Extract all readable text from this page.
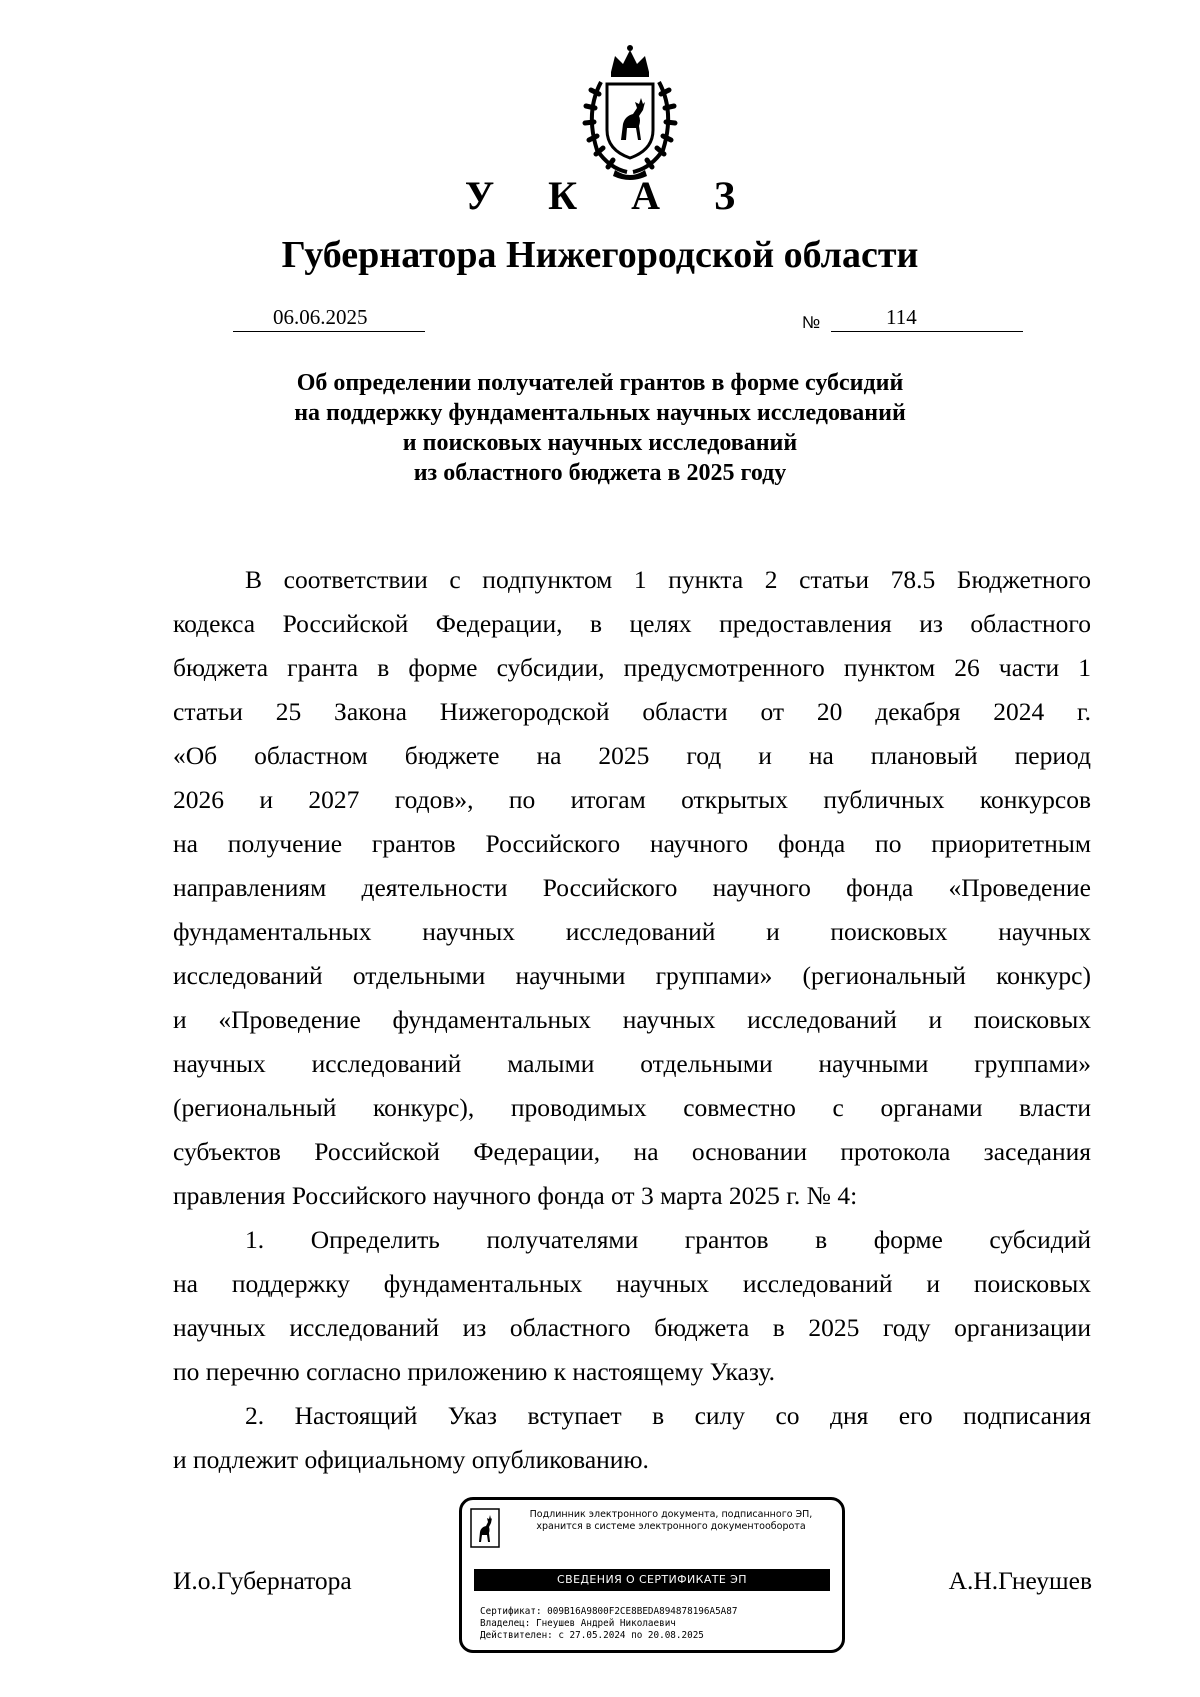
У К А З
Губернатора Нижегородской области
06.06.2025	№	114
Об определении получателей грантов в форме субсидий
на поддержку фундаментальных научных исследований
и поисковых научных исследований
из областного бюджета в 2025 году
В соответствии с подпунктом 1 пункта 2 статьи 78.5 Бюджетного
кодекса Российской Федерации, в целях предоставления из областного
бюджета гранта в форме субсидии, предусмотренного пунктом 26 части 1
статьи 25 Закона Нижегородской области от 20 декабря 2024 г.
«Об областном бюджете на 2025 год и на плановый период
2026 и 2027 годов», по итогам открытых публичных конкурсов
на получение грантов Российского научного фонда по приоритетным
направлениям деятельности Российского научного фонда «Проведение
фундаментальных научных исследований и поисковых научных
исследований отдельными научными группами» (региональный конкурс)
и «Проведение фундаментальных научных исследований и поисковых
научных исследований малыми отдельными научными группами»
(региональный конкурс), проводимых совместно с органами власти
субъектов Российской Федерации, на основании протокола заседания
правления Российского научного фонда от 3 марта 2025 г. № 4:
1. Определить получателями грантов в форме субсидий
на поддержку фундаментальных научных исследований и поисковых
научных исследований из областного бюджета в 2025 году организации
по перечню согласно приложению к настоящему Указу.
2. Настоящий Указ вступает в силу со дня его подписания
и подлежит официальному опубликованию.
И.о.Губернатора	А.Н.Гнеушев
Подлинник электронного документа, подписанного ЭП,
хранится в системе электронного документооборота
СВЕДЕНИЯ О СЕРТИФИКАТЕ ЭП
Сертификат: 009B16A9800F2CE8BEDA894878196A5A87
Владелец: Гнеушев Андрей Николаевич
Действителен: с 27.05.2024 по 20.08.2025
